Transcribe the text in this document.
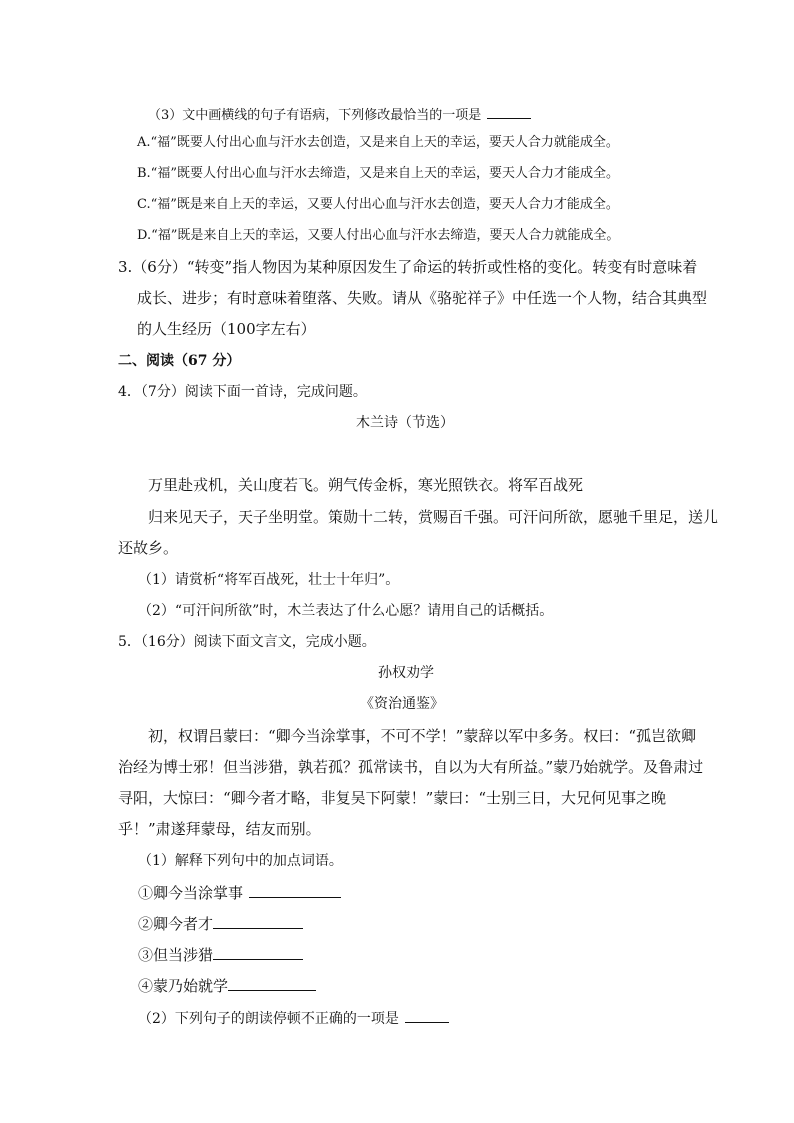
（3）文中画横线的句子有语病，下列修改最恰当的一项是
A.“福”既要人付出心血与汗水去创造，又是来自上天的幸运，要天人合力就能成全。
B.“福”既要人付出心血与汗水去缔造，又是来自上天的幸运，要天人合力才能成全。
C.“福”既是来自上天的幸运，又要人付出心血与汗水去创造，要天人合力才能成全。
D.“福”既是来自上天的幸运，又要人付出心血与汗水去缔造，要天人合力就能成全。
3.（6分）“转变”指人物因为某种原因发生了命运的转折或性格的变化。转变有时意味着
成长、进步；有时意味着堕落、失败。请从《骆驼祥子》中任选一个人物，结合其典型
的人生经历（100字左右）
二、阅读（67 分）
4．（7分）阅读下面一首诗，完成问题。
木兰诗（节选）
万里赴戎机，关山度若飞。朔气传金柝，寒光照铁衣。将军百战死
归来见天子，天子坐明堂。策勋十二转，赏赐百千强。可汗问所欲，愿驰千里足，送儿
还故乡。
（1）请赏析“将军百战死，壮士十年归”。
（2）“可汗问所欲”时，木兰表达了什么心愿？请用自己的话概括。
5．（16分）阅读下面文言文，完成小题。
孙权劝学
《资治通鉴》
初，权谓吕蒙曰：“卿今当涂掌事，不可不学！”蒙辞以军中多务。权曰：“孤岂欲卿
治经为博士邪！但当涉猎，孰若孤？孤常读书，自以为大有所益。”蒙乃始就学。及鲁肃过
寻阳，大惊曰：“卿今者才略，非复吴下阿蒙！”蒙曰：“士别三日，大兄何见事之晚
乎！”肃遂拜蒙母，结友而别。
（1）解释下列句中的加点词语。
①卿今当涂掌事
②卿今者才
③但当涉猎
④蒙乃始就学
（2）下列句子的朗读停顿不正确的一项是
